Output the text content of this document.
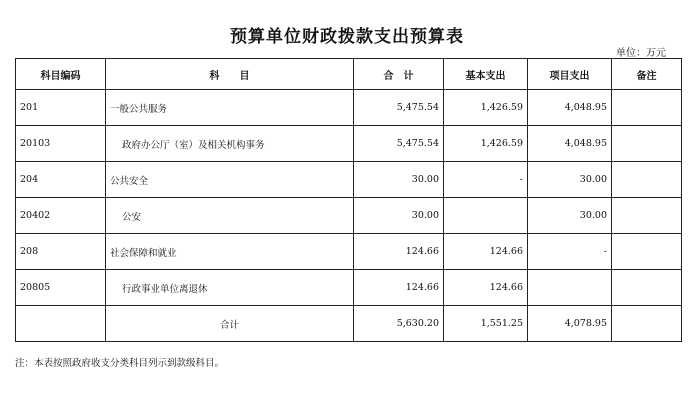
预算单位财政拨款支出预算表
单位：万元
科目编码	科　　目	合　计	基本支出	项目支出	备注
201	一般公共服务	5,475.54	1,426.59	4,048.95	
20103	政府办公厅（室）及相关机构事务	5,475.54	1,426.59	4,048.95	
204	公共安全	30.00	-	30.00	
20402	公安	30.00		30.00	
208	社会保障和就业	124.66	124.66	-	
20805	行政事业单位离退休	124.66	124.66		
	合计	5,630.20	1,551.25	4,078.95	
注：本表按照政府收支分类科目列示到款级科目。
